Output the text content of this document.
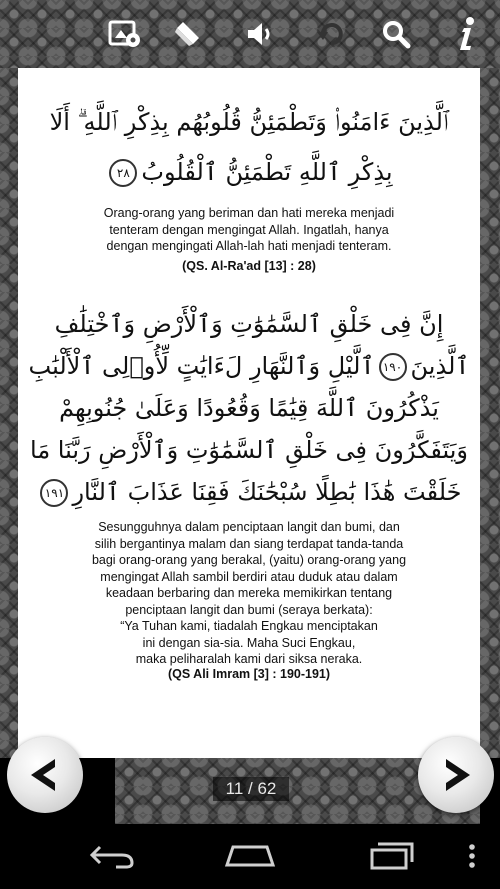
ٱلَّذِينَ ءَامَنُوا۟ وَتَطْمَئِنُّ قُلُوبُهُم بِذِكْرِ ٱللَّهِ ۗ أَلَا

بِذِكْرِ ٱللَّهِ تَطْمَئِنُّ ٱلْقُلُوبُ٢٨

Orang-orang yang beriman dan hati mereka menjadi
tenteram dengan mengingat Allah. Ingatlah, hanya
dengan mengingati Allah-lah hati menjadi tenteram.

(QS. Al-Ra'ad [13] : 28)

إِنَّ فِى خَلْقِ ٱلسَّمَٰوَٰتِ وَٱلْأَرْضِ وَٱخْتِلَٰفِ

ٱلَّذِينَ١٩٠ٱلَّيْلِ وَٱلنَّهَارِ لَءَايَٰتٍ لِّأُو۟لِى ٱلْأَلْبَٰبِ

يَذْكُرُونَ ٱللَّهَ قِيَٰمًا وَقُعُودًا وَعَلَىٰ جُنُوبِهِمْ

وَيَتَفَكَّرُونَ فِى خَلْقِ ٱلسَّمَٰوَٰتِ وَٱلْأَرْضِ رَبَّنَا مَا

خَلَقْتَ هَٰذَا بَٰطِلًا سُبْحَٰنَكَ فَقِنَا عَذَابَ ٱلنَّارِ١٩١

Sesungguhnya dalam penciptaan langit dan bumi, dan
silih bergantinya malam dan siang terdapat tanda-tanda
bagi orang-orang yang berakal, (yaitu) orang-orang yang
mengingat Allah sambil berdiri atau duduk atau dalam
keadaan berbaring dan mereka memikirkan tentang
penciptaan langit dan bumi (seraya berkata):
“Ya Tuhan kami, tiadalah Engkau menciptakan
ini dengan sia-sia. Maha Suci Engkau,
maka peliharalah kami dari siksa neraka.

(QS Ali Imram [3] : 190-191)

11 / 62
